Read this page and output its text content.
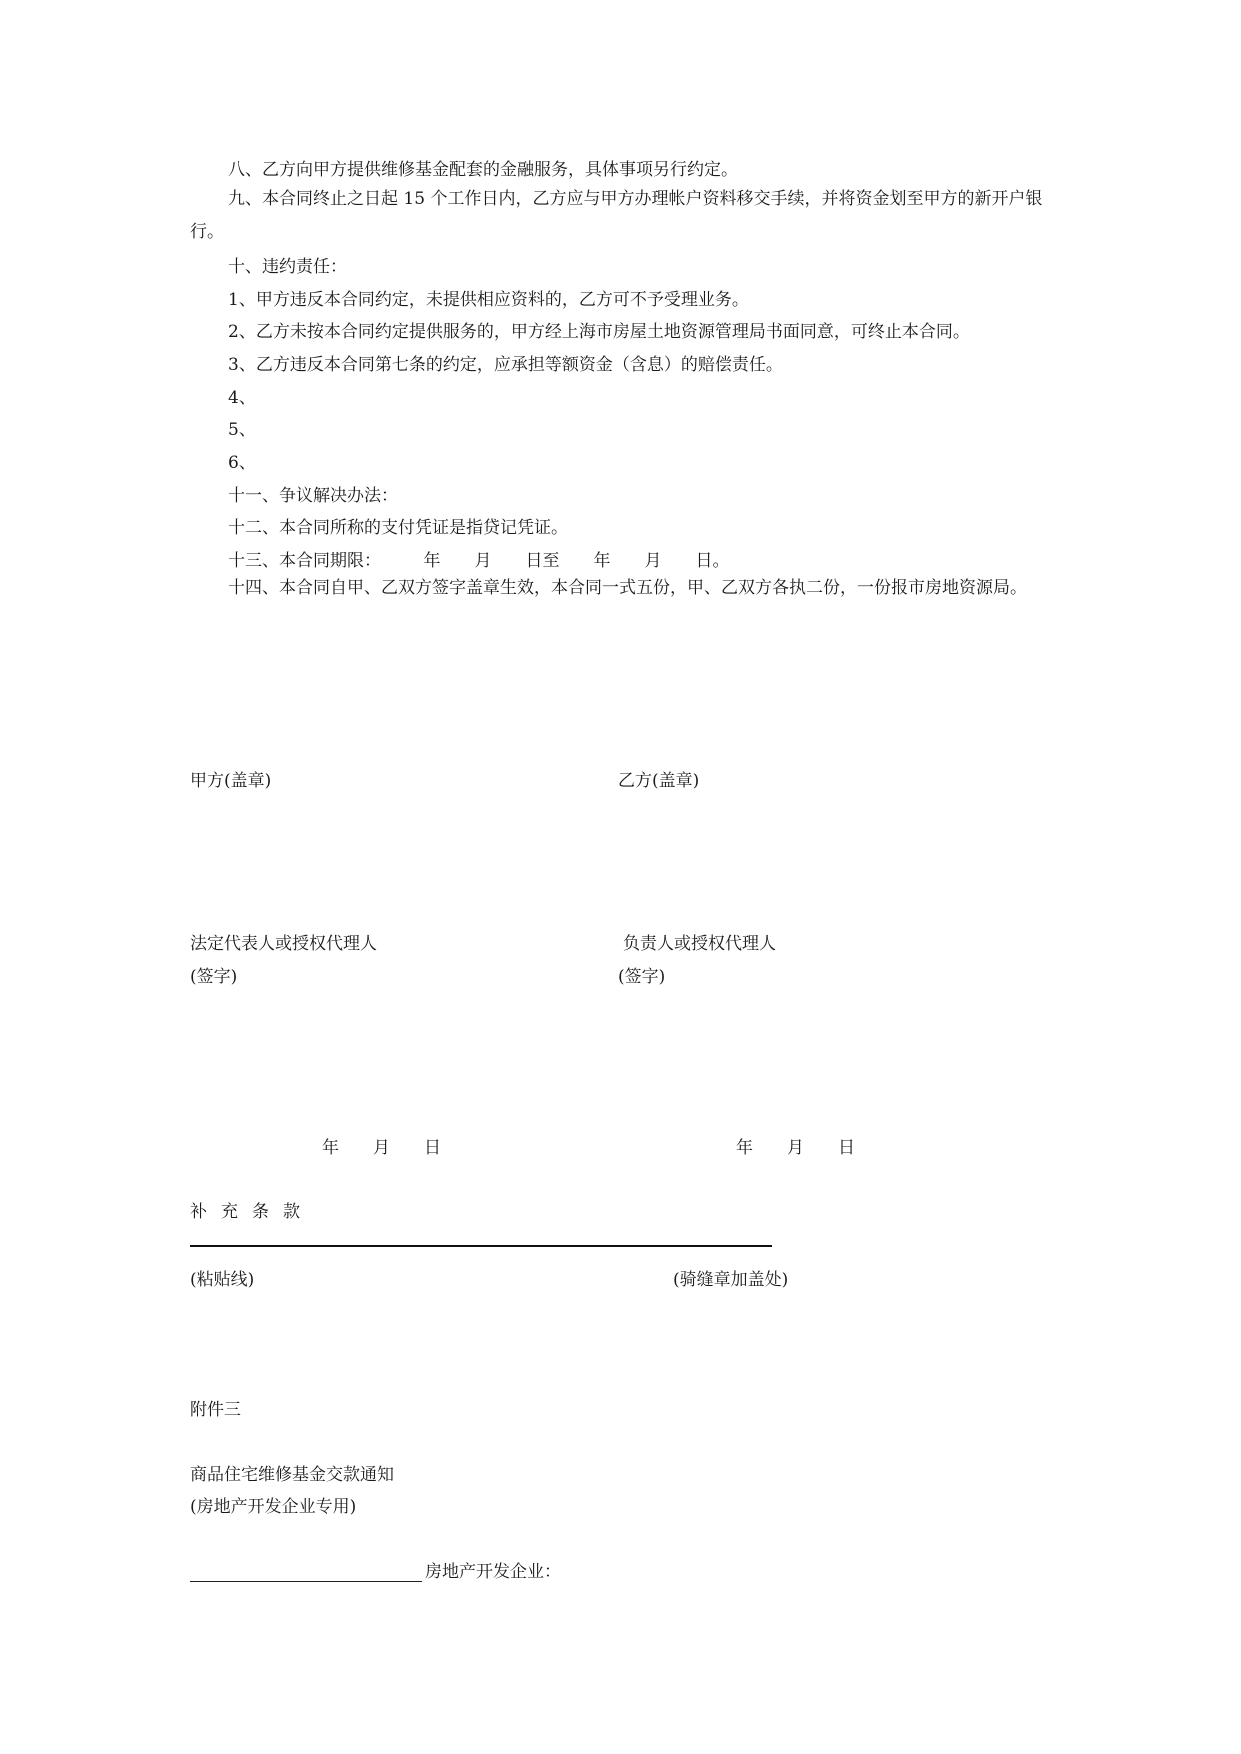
八、乙方向甲方提供维修基金配套的金融服务，具体事项另行约定。
九、本合同终止之日起 15 个工作日内，乙方应与甲方办理帐户资料移交手续，并将资金划至甲方的新开户银行。
十、违约责任：
1、甲方违反本合同约定，未提供相应资料的，乙方可不予受理业务。
2、乙方未按本合同约定提供服务的，甲方经上海市房屋土地资源管理局书面同意，可终止本合同。
3、乙方违反本合同第七条的约定，应承担等额资金（含息）的赔偿责任。
4、
5、
6、
十一、争议解决办法：
十二、本合同所称的支付凭证是指贷记凭证。
十三、本合同期限：　　　年　　月　　日至　　年　　月　　日。
十四、本合同自甲、乙双方签字盖章生效，本合同一式五份，甲、乙双方各执二份，一份报市房地资源局。
甲方(盖章)	乙方(盖章)
法定代表人或授权代理人	负责人或授权代理人
(签字)	(签字)
年　　月　　日	年　　月　　日
补充条款
(粘贴线)	(骑缝章加盖处)
附件三
商品住宅维修基金交款通知
(房地产开发企业专用)
房地产开发企业：
